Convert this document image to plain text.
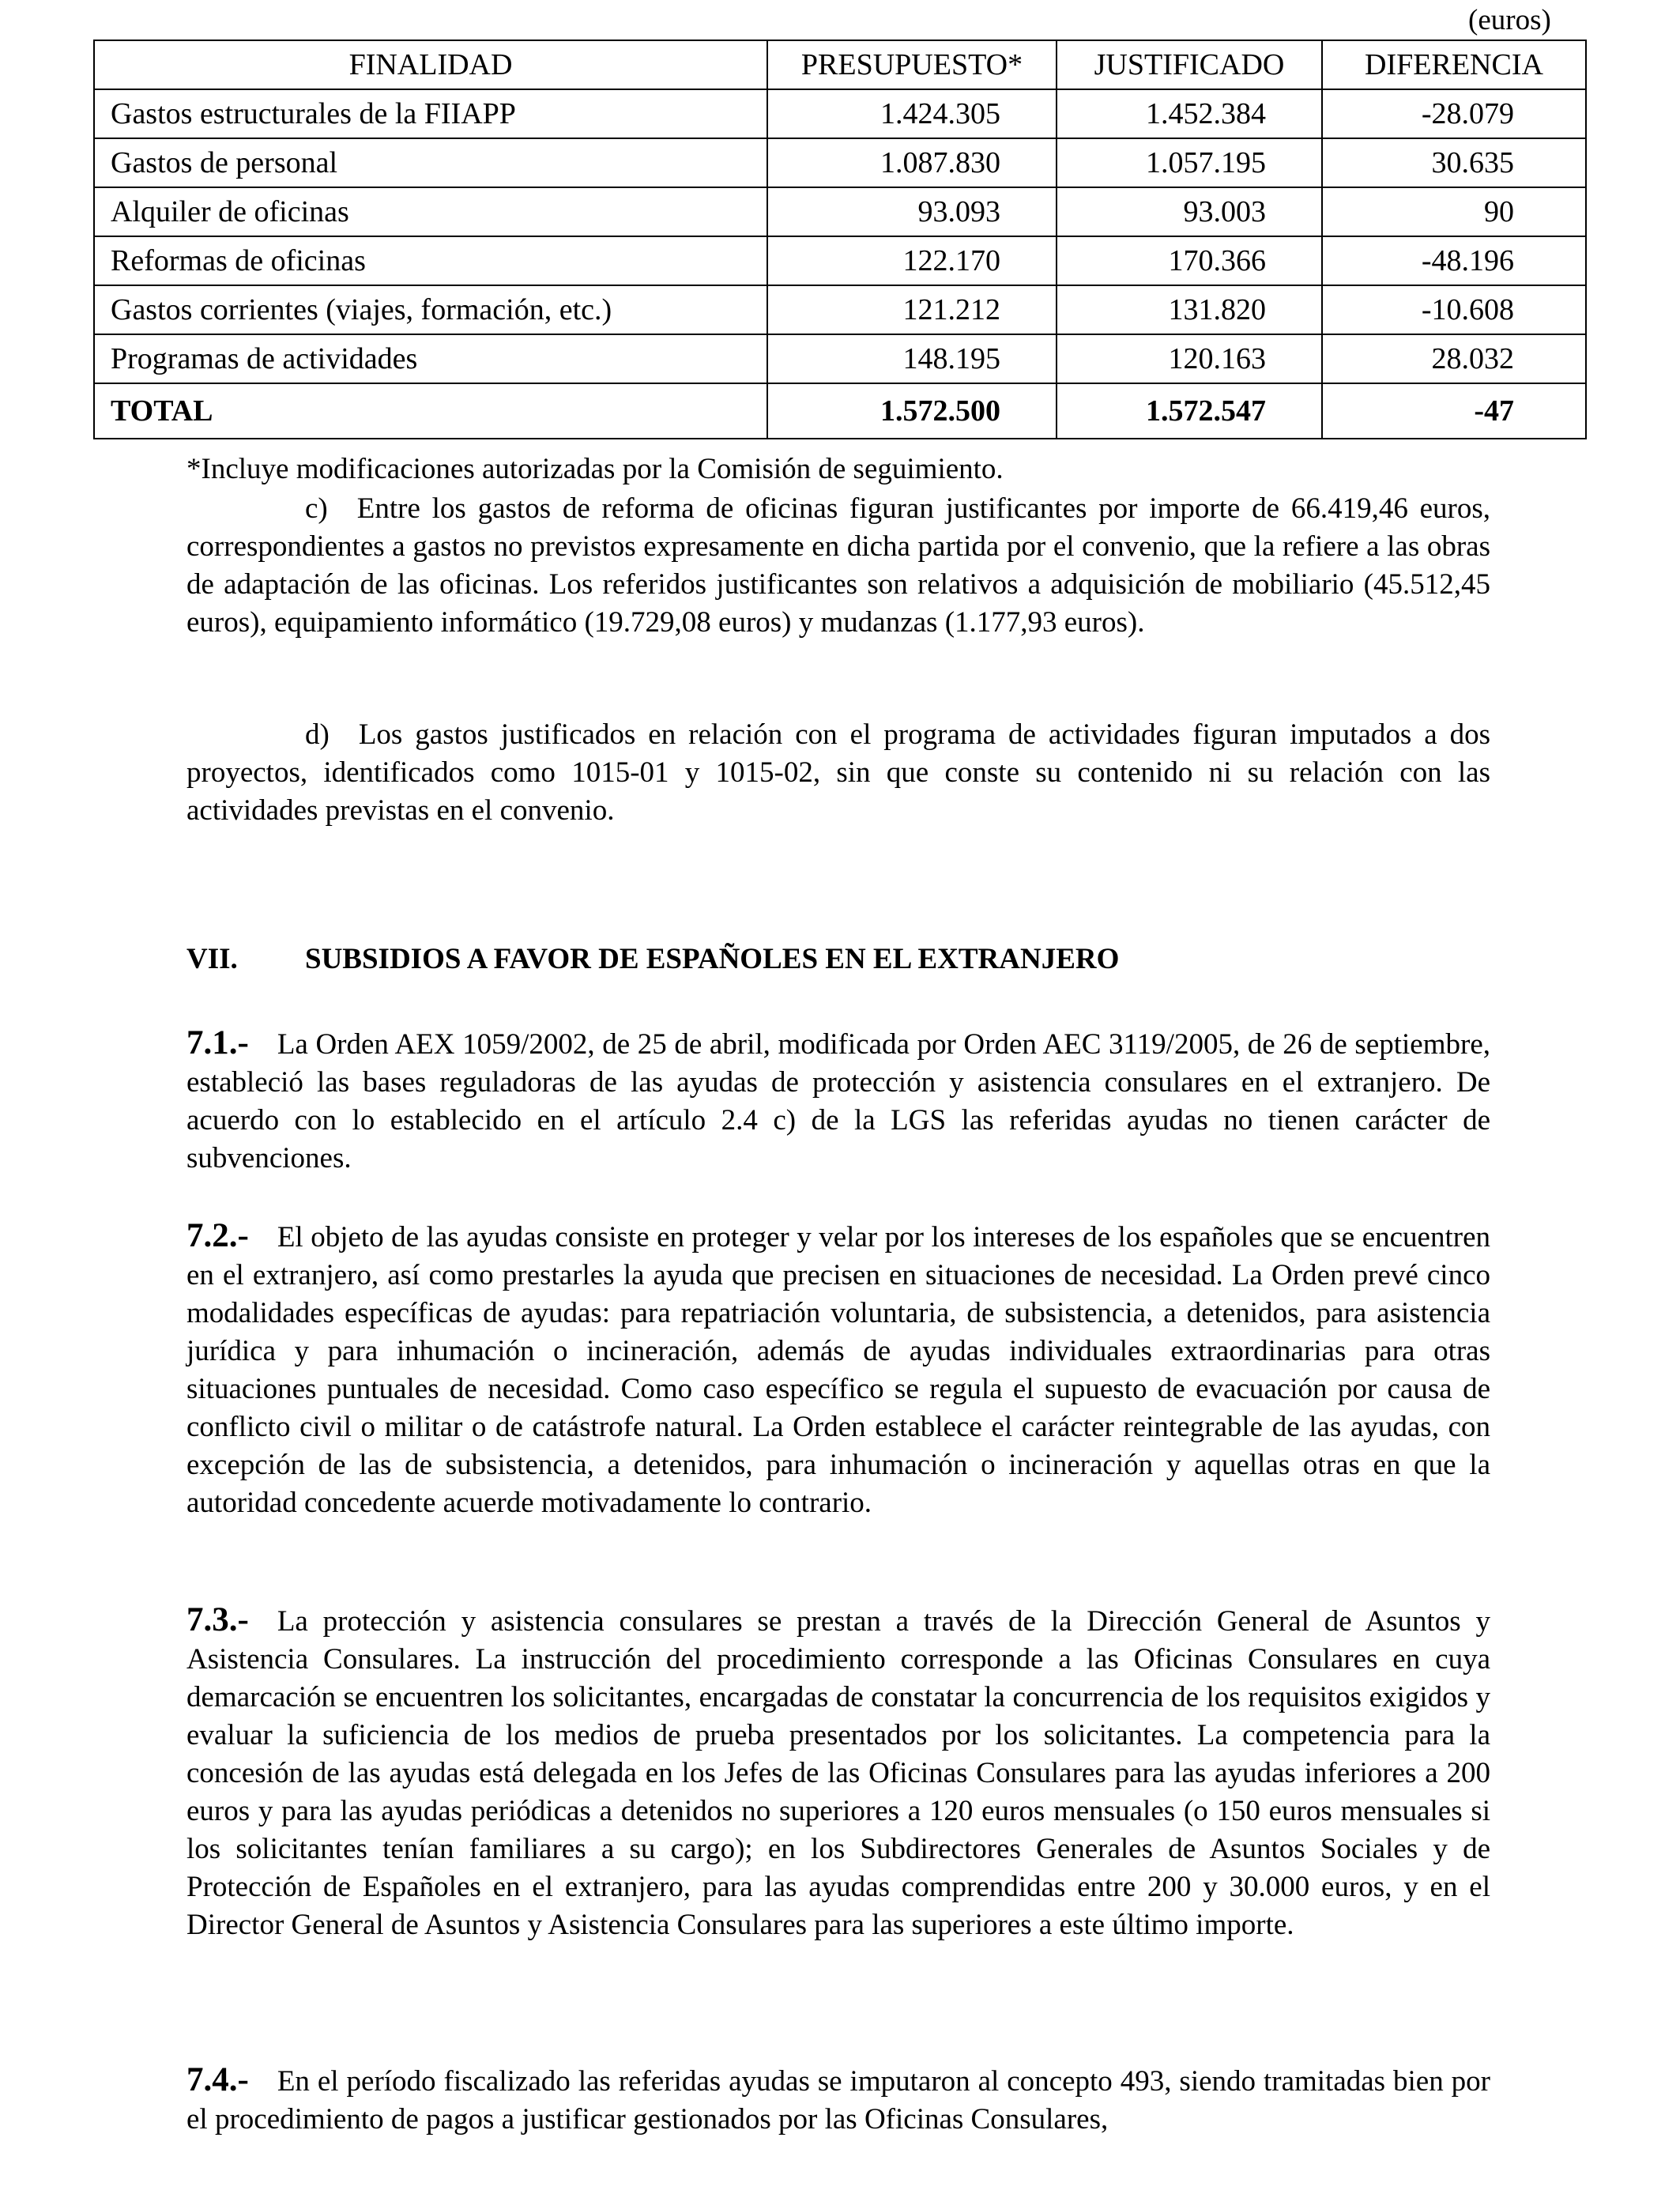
(euros)
FINALIDAD	PRESUPUESTO*	JUSTIFICADO	DIFERENCIA
Gastos estructurales de la FIIAPP	1.424.305	1.452.384	-28.079
Gastos de personal	1.087.830	1.057.195	30.635
Alquiler de oficinas	93.093	93.003	90
Reformas de oficinas	122.170	170.366	-48.196
Gastos corrientes (viajes, formación, etc.)	121.212	131.820	-10.608
Programas de actividades	148.195	120.163	28.032
TOTAL	1.572.500	1.572.547	-47
*Incluye modificaciones autorizadas por la Comisión de seguimiento.

c) Entre los gastos de reforma de oficinas figuran justificantes por importe de 66.419,46 euros, correspondientes a gastos no previstos expresamente en dicha partida por el convenio, que la refiere a las obras de adaptación de las oficinas. Los referidos justificantes son relativos a adquisición de mobiliario (45.512,45 euros), equipamiento informático (19.729,08 euros) y mudanzas (1.177,93 euros).

d) Los gastos justificados en relación con el programa de actividades figuran imputados a dos proyectos, identificados como 1015-01 y 1015-02, sin que conste su contenido ni su relación con las actividades previstas en el convenio.

VII. SUBSIDIOS A FAVOR DE ESPAÑOLES EN EL EXTRANJERO

7.1.- La Orden AEX 1059/2002, de 25 de abril, modificada por Orden AEC 3119/2005, de 26 de septiembre, estableció las bases reguladoras de las ayudas de protección y asistencia consulares en el extranjero. De acuerdo con lo establecido en el artículo 2.4 c) de la LGS las referidas ayudas no tienen carácter de subvenciones.

7.2.- El objeto de las ayudas consiste en proteger y velar por los intereses de los españoles que se encuentren en el extranjero, así como prestarles la ayuda que precisen en situaciones de necesidad. La Orden prevé cinco modalidades específicas de ayudas: para repatriación voluntaria, de subsistencia, a detenidos, para asistencia jurídica y para inhumación o incineración, además de ayudas individuales extraordinarias para otras situaciones puntuales de necesidad. Como caso específico se regula el supuesto de evacuación por causa de conflicto civil o militar o de catástrofe natural. La Orden establece el carácter reintegrable de las ayudas, con excepción de las de subsistencia, a detenidos, para inhumación o incineración y aquellas otras en que la autoridad concedente acuerde motivadamente lo contrario.

7.3.- La protección y asistencia consulares se prestan a través de la Dirección General de Asuntos y Asistencia Consulares. La instrucción del procedimiento corresponde a las Oficinas Consulares en cuya demarcación se encuentren los solicitantes, encargadas de constatar la concurrencia de los requisitos exigidos y evaluar la suficiencia de los medios de prueba presentados por los solicitantes. La competencia para la concesión de las ayudas está delegada en los Jefes de las Oficinas Consulares para las ayudas inferiores a 200 euros y para las ayudas periódicas a detenidos no superiores a 120 euros mensuales (o 150 euros mensuales si los solicitantes tenían familiares a su cargo); en los Subdirectores Generales de Asuntos Sociales y de Protección de Españoles en el extranjero, para las ayudas comprendidas entre 200 y 30.000 euros, y en el Director General de Asuntos y Asistencia Consulares para las superiores a este último importe.

7.4.- En el período fiscalizado las referidas ayudas se imputaron al concepto 493, siendo tramitadas bien por el procedimiento de pagos a justificar gestionados por las Oficinas Consulares,
